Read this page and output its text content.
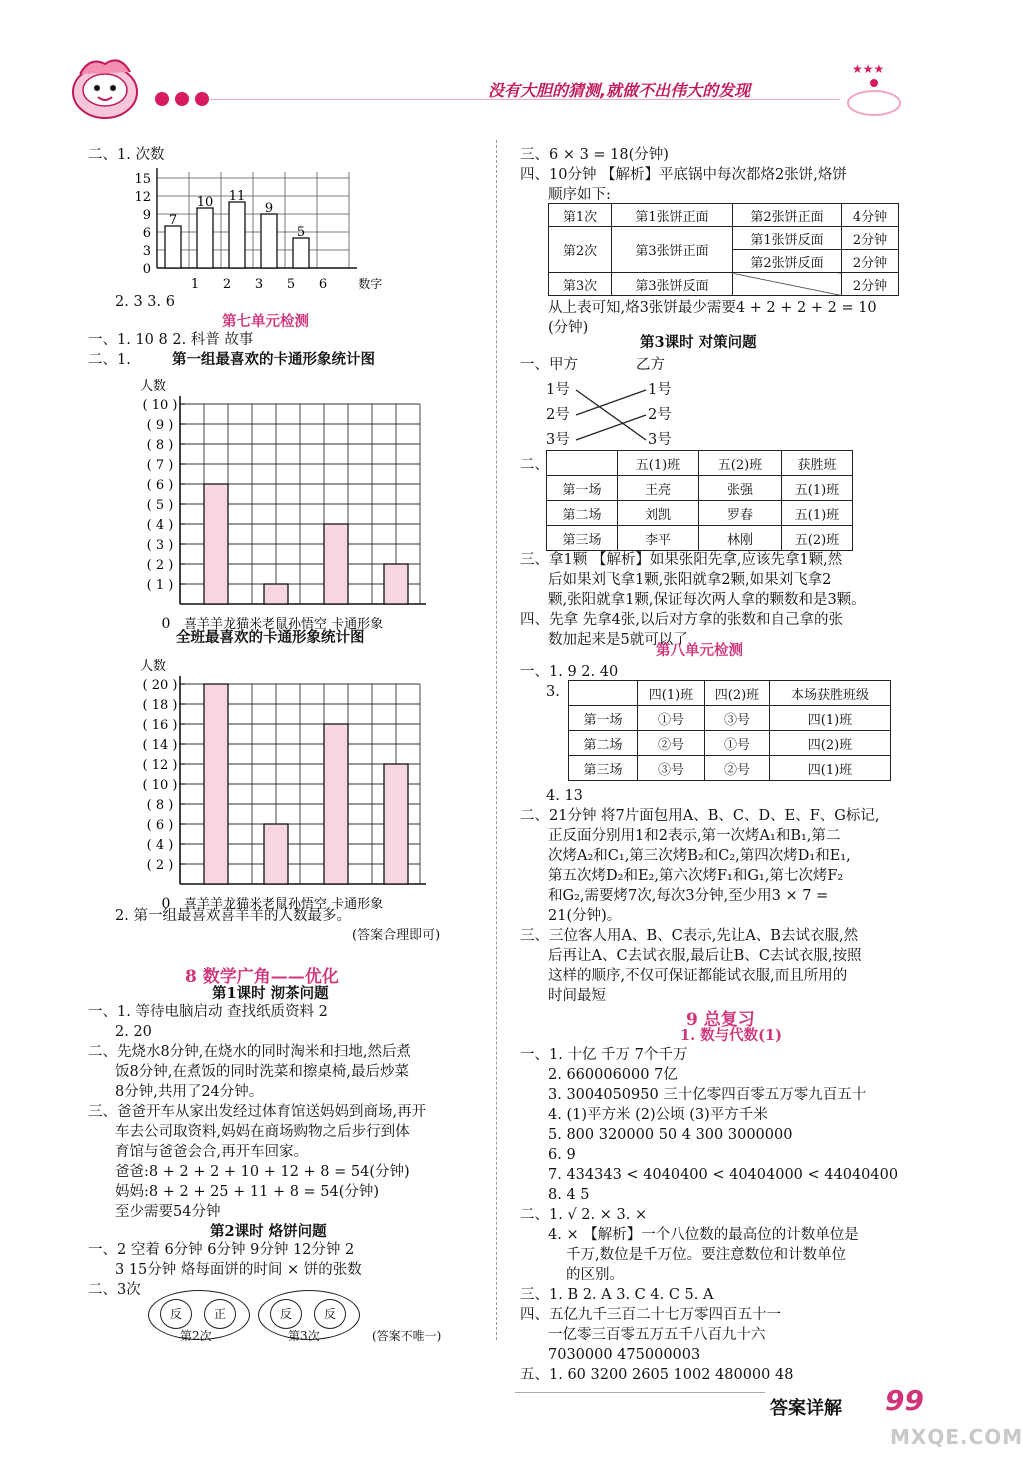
没有大胆的猜测,就做不出伟大的发现
★★★
二、1. 次数
0
3
6
9
12
15
7
1
10
2
11
3
9
5
5
6	数字
2. 3 3. 6
第七单元检测
一、1. 10 8 2. 科普 故事
二、1.	第一组最喜欢的卡通形象统计图
人数
0
( 1 )
( 2 )
( 3 )
( 4 )
( 5 )
( 6 )
( 7 )
( 8 )
( 9 )
( 10 )
喜羊羊龙猫米老鼠孙悟空 卡通形象
全班最喜欢的卡通形象统计图
人数
0
( 2 )
( 4 )
( 6 )
( 8 )
( 10 )
( 12 )
( 14 )
( 16 )
( 18 )
( 20 )
喜羊羊龙猫米老鼠孙悟空 卡通形象
2. 第一组最喜欢喜羊羊的人数最多。
(答案合理即可)
8 数学广角——优化
第1课时 沏茶问题
一、1. 等待电脑启动 查找纸质资料 2
2. 20
二、先烧水8分钟,在烧水的同时淘米和扫地,然后煮
饭8分钟,在煮饭的同时洗菜和擦桌椅,最后炒菜
8分钟,共用了24分钟。
三、爸爸开车从家出发经过体育馆送妈妈到商场,再开
车去公司取资料,妈妈在商场购物之后步行到体
育馆与爸爸会合,再开车回家。
爸爸:8 + 2 + 2 + 10 + 12 + 8 = 54(分钟)
妈妈:8 + 2 + 25 + 11 + 8 = 54(分钟)
至少需要54分钟
第2课时 烙饼问题
一、2 空着 6分钟 6分钟 9分钟 12分钟 2
3 15分钟 烙每面饼的时间 × 饼的张数
二、3次
反	正	反	反
第2次	第3次	(答案不唯一)
三、6 × 3 = 18(分钟)
四、10分钟 【解析】平底锅中每次都烙2张饼,烙饼
顺序如下:
第1次	第1张饼正面	第2张饼正面	4分钟
第2次	第3张饼正面	第1张饼反面	2分钟
		第2张饼反面	2分钟
第3次	第3张饼反面		2分钟
从上表可知,烙3张饼最少需要4 + 2 + 2 + 2 = 10
(分钟)
第3课时 对策问题
一、甲方	乙方
1号
2号
3号
1号
2号
3号
二、
		五(1)班	五(2)班	获胜班
第一场	王亮	张强	五(1)班
第二场	刘凯	罗春	五(1)班
第三场	李平	林刚	五(2)班
三、拿1颗 【解析】如果张阳先拿,应该先拿1颗,然
后如果刘飞拿1颗,张阳就拿2颗,如果刘飞拿2
颗,张阳就拿1颗,保证每次两人拿的颗数和是3颗。
四、先拿 先拿4张,以后对方拿的张数和自己拿的张
数加起来是5就可以了
第八单元检测
一、1. 9 2. 40
3.
		四(1)班	四(2)班	本场获胜班级
第一场	①号	③号	四(1)班
第二场	②号	①号	四(2)班
第三场	③号	②号	四(1)班
4. 13
二、21分钟 将7片面包用A、B、C、D、E、F、G标记,
正反面分别用1和2表示,第一次烤A₁和B₁,第二
次烤A₂和C₁,第三次烤B₂和C₂,第四次烤D₁和E₁,
第五次烤D₂和E₂,第六次烤F₁和G₁,第七次烤F₂
和G₂,需要烤7次,每次3分钟,至少用3 × 7 =
21(分钟)。
三、三位客人用A、B、C表示,先让A、B去试衣服,然
后再让A、C去试衣服,最后让B、C去试衣服,按照
这样的顺序,不仅可保证都能试衣服,而且所用的
时间最短
9 总复习
1. 数与代数(1)
一、1. 十亿 千万 7个千万
2. 660006000 7亿
3. 3004050950 三十亿零四百零五万零九百五十
4. (1)平方米 (2)公顷 (3)平方千米
5. 800 320000 50 4 300 3000000
6. 9
7. 434343 < 4040400 < 40404000 < 44040400
8. 4 5
二、1. √ 2. × 3. ×
4. × 【解析】一个八位数的最高位的计数单位是
千万,数位是千万位。要注意数位和计数单位
的区别。
三、1. B 2. A 3. C 4. C 5. A
四、五亿九千三百二十七万零四百五十一
一亿零三百零五万五千八百九十六
7030000 475000003
五、1. 60 3200 2605 1002 480000 48
答案详解 99
MXQE.COM
